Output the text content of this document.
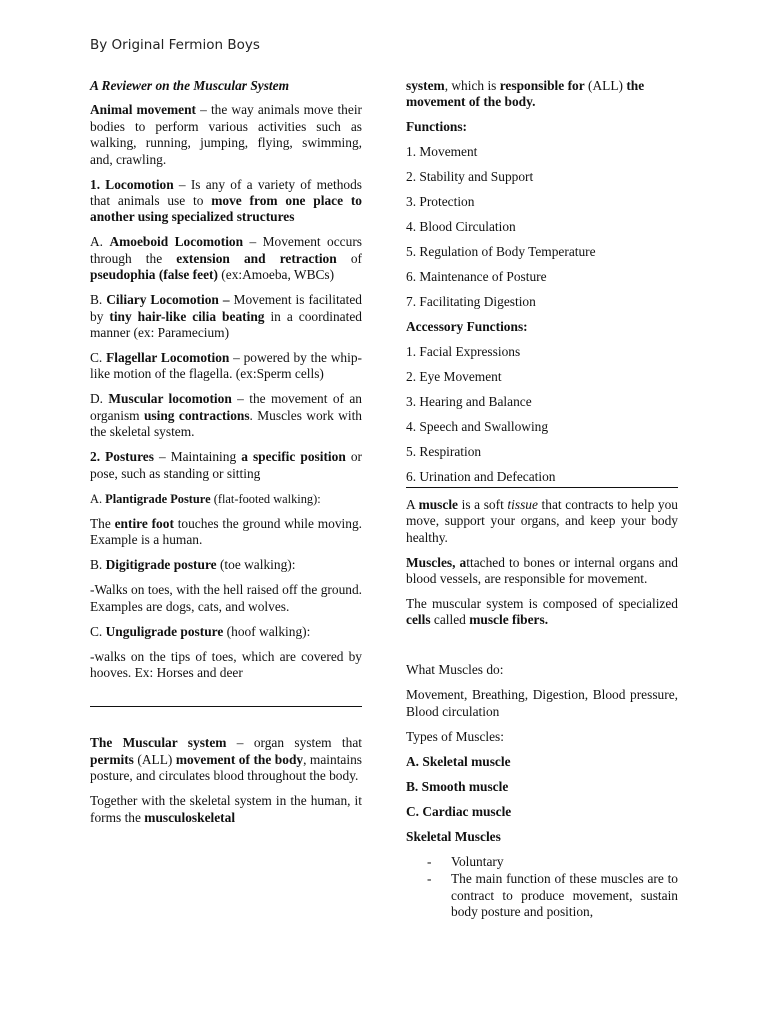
By Original Fermion Boys

A Reviewer on the Muscular System

Animal movement – the way animals move their bodies to perform various activities such as walking, running, jumping, flying, swimming, and, crawling.

1. Locomotion – Is any of a variety of methods that animals use to move from one place to another using specialized structures

A. Amoeboid Locomotion – Movement occurs through the extension and retraction of pseudophia (false feet) (ex:Amoeba, WBCs)

B. Ciliary Locomotion – Movement is facilitated by tiny hair-like cilia beating in a coordinated manner (ex: Paramecium)

C. Flagellar Locomotion – powered by the whip-like motion of the flagella. (ex:Sperm cells)

D. Muscular locomotion – the movement of an organism using contractions. Muscles work with the skeletal system.

2. Postures – Maintaining a specific position or pose, such as standing or sitting

A. Plantigrade Posture (flat-footed walking):

The entire foot touches the ground while moving. Example is a human.

B. Digitigrade posture (toe walking):

-Walks on toes, with the hell raised off the ground. Examples are dogs, cats, and wolves.

C. Unguligrade posture (hoof walking):

-walks on the tips of toes, which are covered by hooves. Ex: Horses and deer

The Muscular system – organ system that permits (ALL) movement of the body, maintains posture, and circulates blood throughout the body.

Together with the skeletal system in the human, it forms the musculoskeletal

system, which is responsible for (ALL) the movement of the body.

Functions:

1. Movement

2. Stability and Support

3. Protection

4. Blood Circulation

5. Regulation of Body Temperature

6. Maintenance of Posture

7. Facilitating Digestion

Accessory Functions:

1. Facial Expressions

2. Eye Movement

3. Hearing and Balance

4. Speech and Swallowing

5. Respiration

6. Urination and Defecation

A muscle is a soft tissue that contracts to help you move, support your organs, and keep your body healthy.

Muscles, attached to bones or internal organs and blood vessels, are responsible for movement.

The muscular system is composed of specialized cells called muscle fibers.

What Muscles do:

Movement, Breathing, Digestion, Blood pressure, Blood circulation

Types of Muscles:

A. Skeletal muscle

B. Smooth muscle

C. Cardiac muscle

Skeletal Muscles

- Voluntary
- The main function of these muscles are to contract to produce movement, sustain body posture and position,
